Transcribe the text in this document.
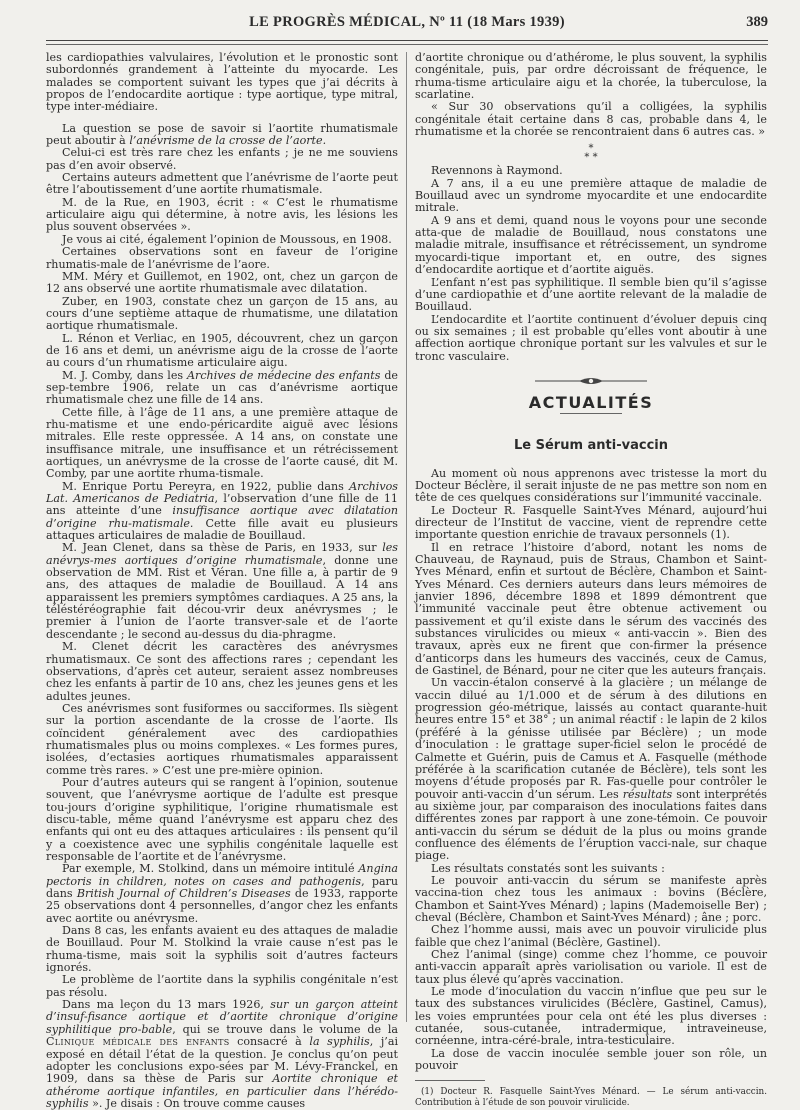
LE PROGRÈS MÉDICAL, Nº 11 (18 Mars 1939)	389

les cardiopathies valvulaires, l’évolution et le pronostic sont subordonnés grandement à l’atteinte du myocarde. Les malades se comportent suivant les types que j’ai décrits à propos de l’endocardite aortique : type aortique, type mitral, type inter-médiaire.

La question se pose de savoir si l’aortite rhumatismale peut aboutir à l’anévrisme de la crosse de l’aorte.

Celui-ci est très rare chez les enfants ; je ne me souviens pas d’en avoir observé.

Certains auteurs admettent que l’anévrisme de l’aorte peut être l’aboutissement d’une aortite rhumatismale.

M. de la Rue, en 1903, écrit : « C’est le rhumatisme articulaire aigu qui détermine, à notre avis, les lésions les plus souvent observées ».

Je vous ai cité, également l’opinion de Moussous, en 1908.

Certaines observations sont en faveur de l’origine rhumatis-male de l’anévrisme de l’aore.

MM. Méry et Guillemot, en 1902, ont, chez un garçon de 12 ans observé une aortite rhumatismale avec dilatation.

Zuber, en 1903, constate chez un garçon de 15 ans, au cours d’une septième attaque de rhumatisme, une dilatation aortique rhumatismale.

L. Rénon et Verliac, en 1905, découvrent, chez un garçon de 16 ans et demi, un anévrisme aigu de la crosse de l’aorte au cours d’un rhumatisme articulaire aigu.

M. J. Comby, dans les Archives de médecine des enfants de sep-tembre 1906, relate un cas d’anévrisme aortique rhumatismale chez une fille de 14 ans.

Cette fille, à l’âge de 11 ans, a une première attaque de rhu-matisme et une endo-péricardite aiguë avec lésions mitrales. Elle reste oppressée. A 14 ans, on constate une insuffisance mitrale, une insuffisance et un rétrécissement aortiques, un anévrysme de la crosse de l’aorte causé, dit M. Comby, par une aortite rhuma-tismale.

M. Enrique Portu Pereyra, en 1922, publie dans Archivos Lat. Americanos de Pediatria, l’observation d’une fille de 11 ans atteinte d’une insuffisance aortique avec dilatation d’origine rhu-matismale. Cette fille avait eu plusieurs attaques articulaires de maladie de Bouillaud.

M. Jean Clenet, dans sa thèse de Paris, en 1933, sur les anévrys-mes aortiques d’origine rhumatismale, donne une observation de MM. Rist et Véran. Une fille a, à partir de 9 ans, des attaques de maladie de Bouillaud. A 14 ans apparaissent les premiers symptômes cardiaques. A 25 ans, la téléstéréographie fait décou-vrir deux anévrysmes ; le premier à l’union de l’aorte transver-sale et de l’aorte descendante ; le second au-dessus du dia-phragme.

M. Clenet décrit les caractères des anévrysmes rhumatismaux. Ce sont des affections rares ; cependant les observations, d’après cet auteur, seraient assez nombreuses chez les enfants à partir de 10 ans, chez les jeunes gens et les adultes jeunes.

Ces anévrismes sont fusiformes ou sacciformes. Ils siègent sur la portion ascendante de la crosse de l’aorte. Ils coïncident généralement avec des cardiopathies rhumatismales plus ou moins complexes. « Les formes pures, isolées, d’ectasies aortiques rhumatismales apparaissent comme très rares. » C’est une pre-mière opinion.

Pour d’autres auteurs qui se rangent à l’opinion, soutenue souvent, que l’anévrysme aortique de l’adulte est presque tou-jours d’origine syphilitique, l’origine rhumatismale est discu-table, même quand l’anévrysme est apparu chez des enfants qui ont eu des attaques articulaires : ils pensent qu’il y a coexistence avec une syphilis congénitale laquelle est responsable de l’aortite et de l’anévrysme.

Par exemple, M. Stolkind, dans un mémoire intitulé Angina pectoris in children, notes on cases and pathogenis, paru dans British Journal of Children’s Diseases de 1933, rapporte 25 observations dont 4 personnelles, d’angor chez les enfants avec aortite ou anévrysme.

Dans 8 cas, les enfants avaient eu des attaques de maladie de Bouillaud. Pour M. Stolkind la vraie cause n’est pas le rhuma-tisme, mais soit la syphilis soit d’autres facteurs ignorés.

Le problème de l’aortite dans la syphilis congénitale n’est pas résolu.

Dans ma leçon du 13 mars 1926, sur un garçon atteint d’insuf-fisance aortique et d’aortite chronique d’origine syphilitique pro-bable, qui se trouve dans le volume de la Clinique médicale des enfants consacré à la syphilis, j’ai exposé en détail l’état de la question. Je conclus qu’on peut adopter les conclusions expo-sées par M. Lévy-Franckel, en 1909, dans sa thèse de Paris sur Aortite chronique et athérome aortique infantiles, en particulier dans l’hérédo-syphilis ». Je disais : On trouve comme causes

d’aortite chronique ou d’athérome, le plus souvent, la syphilis congénitale, puis, par ordre décroissant de fréquence, le rhuma-tisme articulaire aigu et la chorée, la tuberculose, la scarlatine.

« Sur 30 observations qu’il a colligées, la syphilis congénitale était certaine dans 8 cas, probable dans 4, le rhumatisme et la chorée se rencontraient dans 6 autres cas. »

*
* *

Revennons à Raymond.

A 7 ans, il a eu une première attaque de maladie de Bouillaud avec un syndrome myocardite et une endocardite mitrale.

A 9 ans et demi, quand nous le voyons pour une seconde atta-que de maladie de Bouillaud, nous constatons une maladie mitrale, insuffisance et rétrécissement, un syndrome myocardi-tique important et, en outre, des signes d’endocardite aortique et d’aortite aiguës.

L’enfant n’est pas syphilitique. Il semble bien qu’il s’agisse d’une cardiopathie et d’une aortite relevant de la maladie de Bouillaud.

L’endocardite et l’aortite continuent d’évoluer depuis cinq ou six semaines ; il est probable qu’elles vont aboutir à une affection aortique chronique portant sur les valvules et sur le tronc vasculaire.

ACTUALITÉS
Le Sérum anti-vaccin

Au moment où nous apprenons avec tristesse la mort du Docteur Béclère, il serait injuste de ne pas mettre son nom en tête de ces quelques considérations sur l’immunité vaccinale.

Le Docteur R. Fasquelle Saint-Yves Ménard, aujourd’hui directeur de l’Institut de vaccine, vient de reprendre cette importante question enrichie de travaux personnels (1).

Il en retrace l’histoire d’abord, notant les noms de Chauveau, de Raynaud, puis de Straus, Chambon et Saint-Yves Ménard, enfin et surtout de Béclère, Chambon et Saint-Yves Ménard. Ces derniers auteurs dans leurs mémoires de janvier 1896, décembre 1898 et 1899 démontrent que l’immunité vaccinale peut être obtenue activement ou passivement et qu’il existe dans le sérum des vaccinés des substances virulicides ou mieux « anti-vaccin ». Bien des travaux, après eux ne firent que con-firmer la présence d’anticorps dans les humeurs des vaccinés, ceux de Camus, de Gastinel, de Bénard, pour ne citer que les auteurs français.

Un vaccin-étalon conservé à la glacière ; un mélange de vaccin dilué au 1/1.000 et de sérum à des dilutions en progression géo-métrique, laissés au contact quarante-huit heures entre 15° et 38° ; un animal réactif : le lapin de 2 kilos (préféré à la génisse utilisée par Béclère) ; un mode d’inoculation : le grattage super-ficiel selon le procédé de Calmette et Guérin, puis de Camus et A. Fasquelle (méthode préférée à la scarification cutanée de Béclère), tels sont les moyens d’étude proposés par R. Fas-quelle pour contrôler le pouvoir anti-vaccin d’un sérum. Les résultats sont interprétés au sixième jour, par comparaison des inoculations faites dans différentes zones par rapport à une zone-témoin. Ce pouvoir anti-vaccin du sérum se déduit de la plus ou moins grande confluence des éléments de l’éruption vacci-nale, sur chaque piage.

Les résultats constatés sont les suivants :

Le pouvoir anti-vaccin du sérum se manifeste après vaccina-tion chez tous les animaux : bovins (Béclère, Chambon et Saint-Yves Ménard) ; lapins (Mademoiselle Ber) ; cheval (Béclère, Chambon et Saint-Yves Ménard) ; âne ; porc.

Chez l’homme aussi, mais avec un pouvoir virulicide plus faible que chez l’animal (Béclère, Gastinel).

Chez l’animal (singe) comme chez l’homme, ce pouvoir anti-vaccin apparaît après variolisation ou variole. Il est de taux plus élevé qu’après vaccination.

Le mode d’inoculation du vaccin n’influe que peu sur le taux des substances virulicides (Béclère, Gastinel, Camus), les voies empruntées pour cela ont été les plus diverses : cutanée, sous-cutanée, intradermique, intraveineuse, cornéenne, intra-céré-brale, intra-testiculaire.

La dose de vaccin inoculée semble jouer son rôle, un pouvoir

(1) Docteur R. Fasquelle Saint-Yves Ménard. — Le sérum anti-vaccin. Contribution à l’étude de son pouvoir virulicide.
